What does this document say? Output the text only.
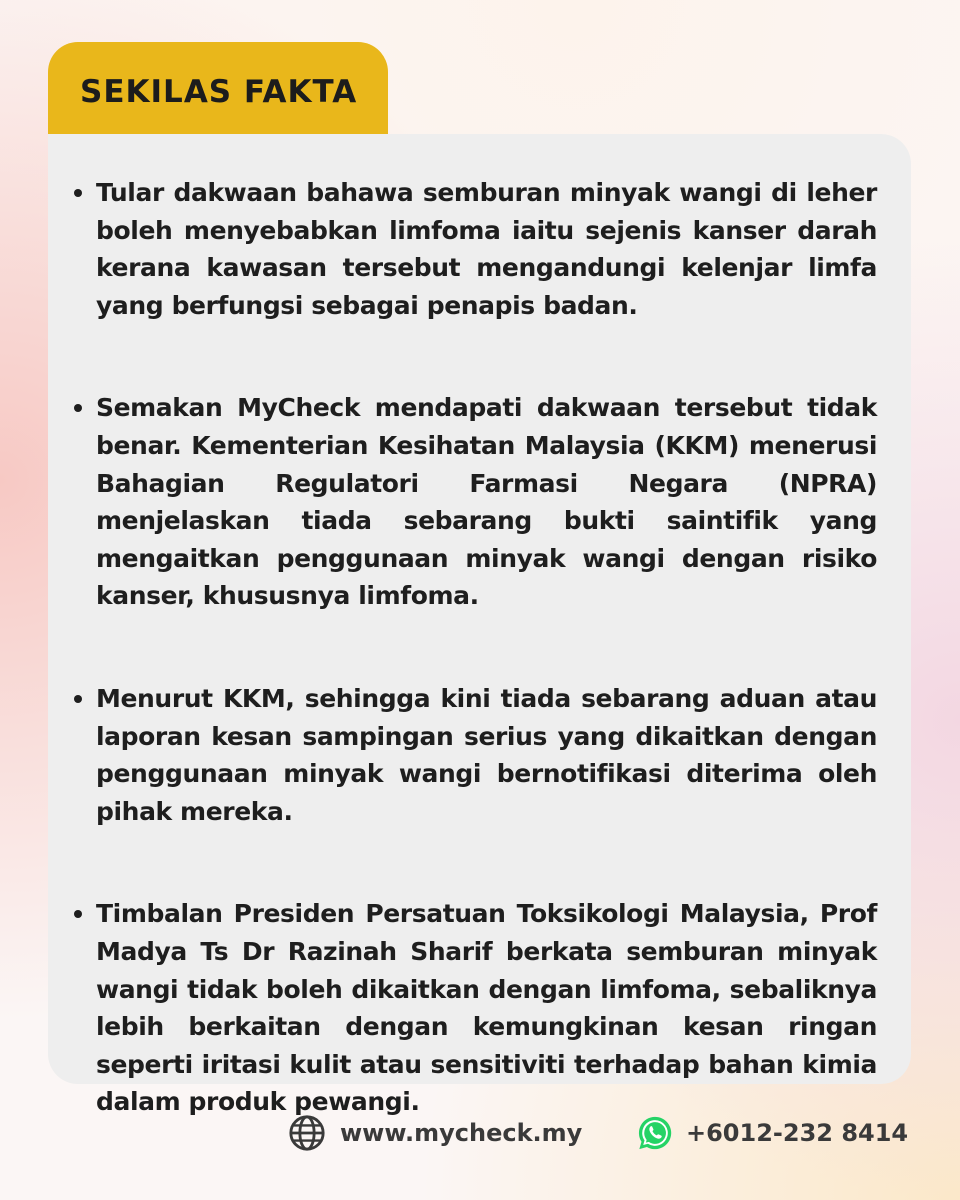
SEKILAS FAKTA
Tular dakwaan bahawa semburan minyak wangi di leher boleh menyebabkan limfoma iaitu sejenis kanser darah kerana kawasan tersebut mengandungi kelenjar limfa yang berfungsi sebagai penapis badan.
Semakan MyCheck mendapati dakwaan tersebut tidak benar. Kementerian Kesihatan Malaysia (KKM) menerusi Bahagian Regulatori Farmasi Negara (NPRA) menjelaskan tiada sebarang bukti saintifik yang mengaitkan penggunaan minyak wangi dengan risiko kanser, khususnya limfoma.
Menurut KKM, sehingga kini tiada sebarang aduan atau laporan kesan sampingan serius yang dikaitkan dengan penggunaan minyak wangi bernotifikasi diterima oleh pihak mereka.
Timbalan Presiden Persatuan Toksikologi Malaysia, Prof Madya Ts Dr Razinah Sharif berkata semburan minyak wangi tidak boleh dikaitkan dengan limfoma, sebaliknya lebih berkaitan dengan kemungkinan kesan ringan seperti iritasi kulit atau sensitiviti terhadap bahan kimia dalam produk pewangi.
www.mycheck.my	+6012-232 8414
